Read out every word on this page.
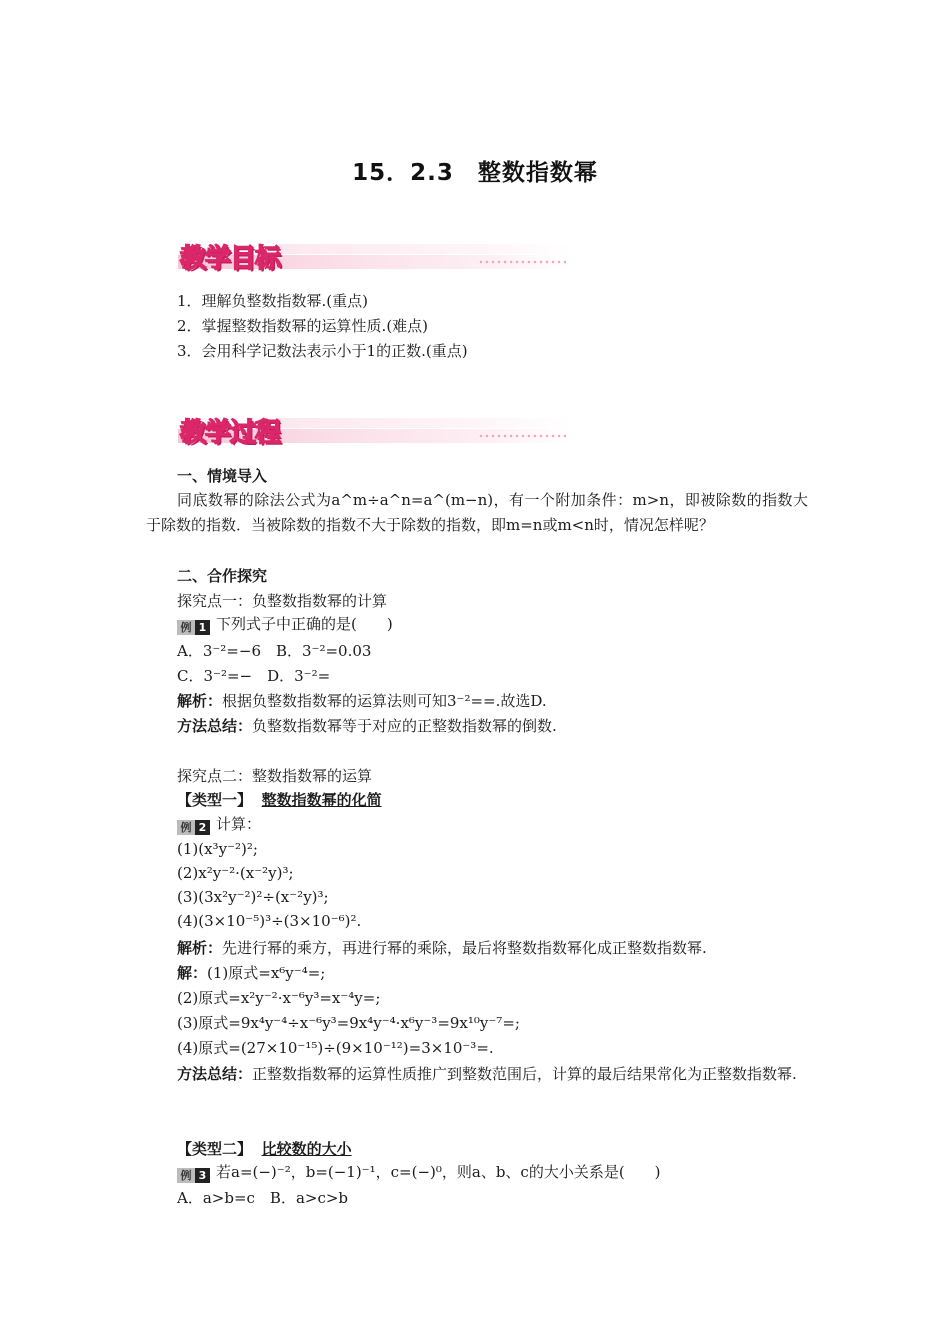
15．2.3　整数指数幂
教学目标
1．理解负整数指数幂.(重点)
2．掌握整数指数幂的运算性质.(难点)
3．会用科学记数法表示小于1的正数.(重点)
教学过程
一、情境导入
同底数幂的除法公式为a^m÷a^n=a^(m−n)，有一个附加条件：m>n，即被除数的指数大于除数的指数．当被除数的指数不大于除数的指数，即m=n或m<n时，情况怎样呢？
二、合作探究
探究点一：负整数指数幂的计算
例 1 下列式子中正确的是(　　)
A．3⁻²=−6　B．3⁻²=0.03
C．3⁻²=−　D．3⁻²=
解析：根据负整数指数幂的运算法则可知3⁻²==.故选D.
方法总结：负整数指数幂等于对应的正整数指数幂的倒数.
探究点二：整数指数幂的运算
【类型一】 整数指数幂的化简
例 2 计算：
(1)(x³y⁻²)²;
(2)x²y⁻²·(x⁻²y)³;
(3)(3x²y⁻²)²÷(x⁻²y)³;
(4)(3×10⁻⁵)³÷(3×10⁻⁶)².
解析：先进行幂的乘方，再进行幂的乘除，最后将整数指数幂化成正整数指数幂.
解：(1)原式=x⁶y⁻⁴=;
(2)原式=x²y⁻²·x⁻⁶y³=x⁻⁴y=;
(3)原式=9x⁴y⁻⁴÷x⁻⁶y³=9x⁴y⁻⁴·x⁶y⁻³=9x¹⁰y⁻⁷=;
(4)原式=(27×10⁻¹⁵)÷(9×10⁻¹²)=3×10⁻³=.
方法总结：正整数指数幂的运算性质推广到整数范围后，计算的最后结果常化为正整数指数幂.
【类型二】 比较数的大小
例 3 若a=(−)⁻²，b=(−1)⁻¹，c=(−)⁰，则a、b、c的大小关系是(　　)
A．a>b=c　B．a>c>b
